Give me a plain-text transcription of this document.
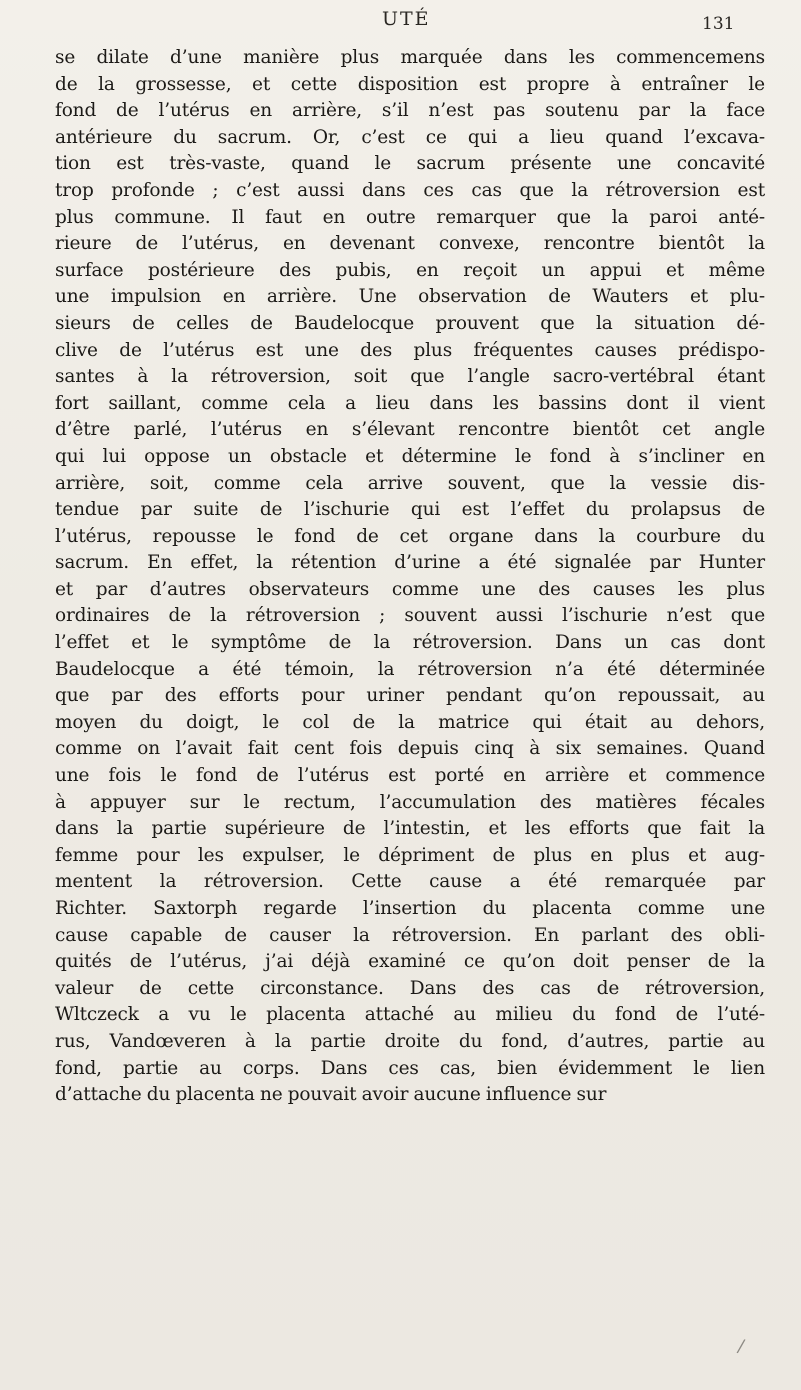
UTÉ	131
se dilate d’une manière plus marquée dans les commencemens
de la grossesse, et cette disposition est propre à entraîner le
fond de l’utérus en arrière, s’il n’est pas soutenu par la face
antérieure du sacrum. Or, c’est ce qui a lieu quand l’excava-
tion est très-vaste, quand le sacrum présente une concavité
trop profonde ; c’est aussi dans ces cas que la rétroversion est
plus commune. Il faut en outre remarquer que la paroi anté-
rieure de l’utérus, en devenant convexe, rencontre bientôt la
surface postérieure des pubis, en reçoit un appui et même
une impulsion en arrière. Une observation de Wauters et plu-
sieurs de celles de Baudelocque prouvent que la situation dé-
clive de l’utérus est une des plus fréquentes causes prédispo-
santes à la rétroversion, soit que l’angle sacro-vertébral étant
fort saillant, comme cela a lieu dans les bassins dont il vient
d’être parlé, l’utérus en s’élevant rencontre bientôt cet angle
qui lui oppose un obstacle et détermine le fond à s’incliner en
arrière, soit, comme cela arrive souvent, que la vessie dis-
tendue par suite de l’ischurie qui est l’effet du prolapsus de
l’utérus, repousse le fond de cet organe dans la courbure du
sacrum. En effet, la rétention d’urine a été signalée par Hunter
et par d’autres observateurs comme une des causes les plus
ordinaires de la rétroversion ; souvent aussi l’ischurie n’est que
l’effet et le symptôme de la rétroversion. Dans un cas dont
Baudelocque a été témoin, la rétroversion n’a été déterminée
que par des efforts pour uriner pendant qu’on repoussait, au
moyen du doigt, le col de la matrice qui était au dehors,
comme on l’avait fait cent fois depuis cinq à six semaines. Quand
une fois le fond de l’utérus est porté en arrière et commence
à appuyer sur le rectum, l’accumulation des matières fécales
dans la partie supérieure de l’intestin, et les efforts que fait la
femme pour les expulser, le dépriment de plus en plus et aug-
mentent la rétroversion. Cette cause a été remarquée par
Richter. Saxtorph regarde l’insertion du placenta comme une
cause capable de causer la rétroversion. En parlant des obli-
quités de l’utérus, j’ai déjà examiné ce qu’on doit penser de la
valeur de cette circonstance. Dans des cas de rétroversion,
Wltczeck a vu le placenta attaché au milieu du fond de l’uté-
rus, Vandœveren à la partie droite du fond, d’autres, partie au
fond, partie au corps. Dans ces cas, bien évidemment le lien
d’attache du placenta ne pouvait avoir aucune influence sur
/
